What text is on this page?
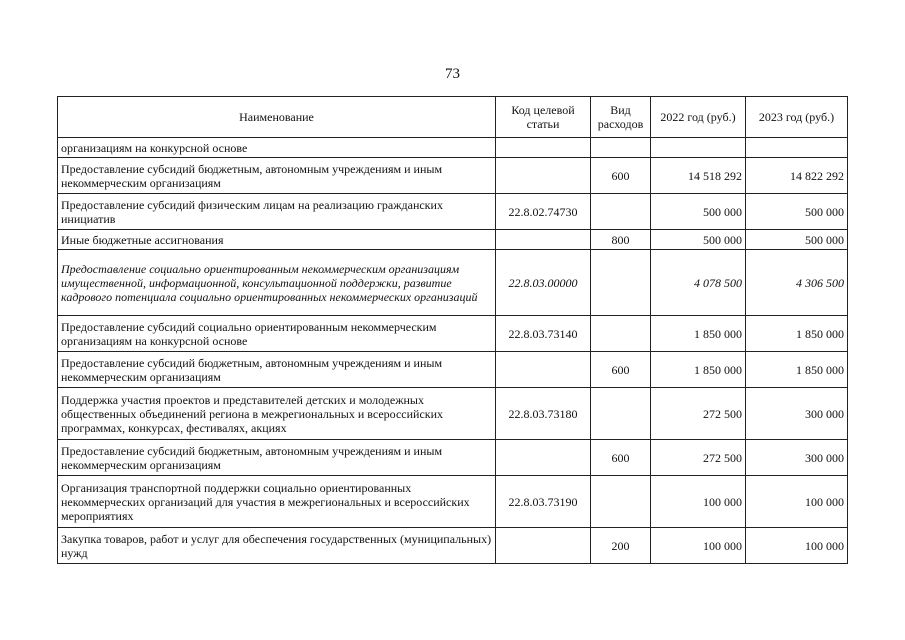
73
Наименование	Код целевой статьи	Вид расходов	2022 год (руб.)	2023 год (руб.)
организациям на конкурсной основе				
Предоставление субсидий бюджетным, автономным учреждениям и иным некоммерческим организациям		600	14 518 292	14 822 292
Предоставление субсидий физическим лицам на реализацию гражданских инициатив	22.8.02.74730		500 000	500 000
Иные бюджетные ассигнования		800	500 000	500 000
Предоставление социально ориентированным некоммерческим организациям имущественной, информационной, консультационной поддержки, развитие кадрового потенциала социально ориентированных некоммерческих организаций	22.8.03.00000		4 078 500	4 306 500
Предоставление субсидий социально ориентированным некоммерческим организациям на конкурсной основе	22.8.03.73140		1 850 000	1 850 000
Предоставление субсидий бюджетным, автономным учреждениям и иным некоммерческим организациям		600	1 850 000	1 850 000
Поддержка участия проектов и представителей детских и молодежных общественных объединений региона в межрегиональных и всероссийских программах, конкурсах, фестивалях, акциях	22.8.03.73180		272 500	300 000
Предоставление субсидий бюджетным, автономным учреждениям и иным некоммерческим организациям		600	272 500	300 000
Организация транспортной поддержки социально ориентированных некоммерческих организаций для участия в межрегиональных и всероссийских мероприятиях	22.8.03.73190		100 000	100 000
Закупка товаров, работ и услуг для обеспечения государственных (муниципальных) нужд		200	100 000	100 000
